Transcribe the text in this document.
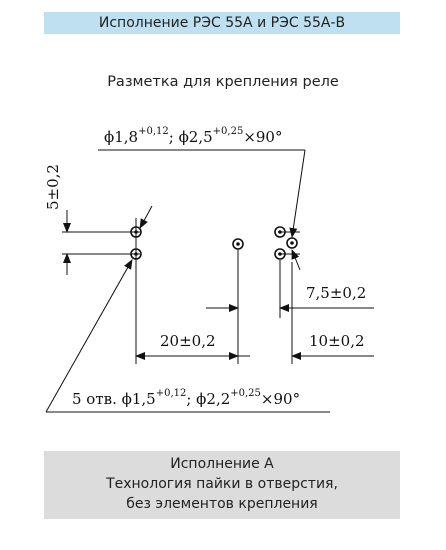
Исполнение РЭС 55А и РЭС 55А-В
Разметка для крепления реле
$\phi 1,8^{+0,12}$; $\phi 2,5^{+0,25}\times 90^\circ$
5±0,2
7,5±0,2
20±0,2	10±0,2
5 отв. $\phi 1,5^{+0,12}$; $\phi 2,2^{+0,25}\times 90^\circ$
Исполнение А
Технология пайки в отверстия,
без элементов крепления
